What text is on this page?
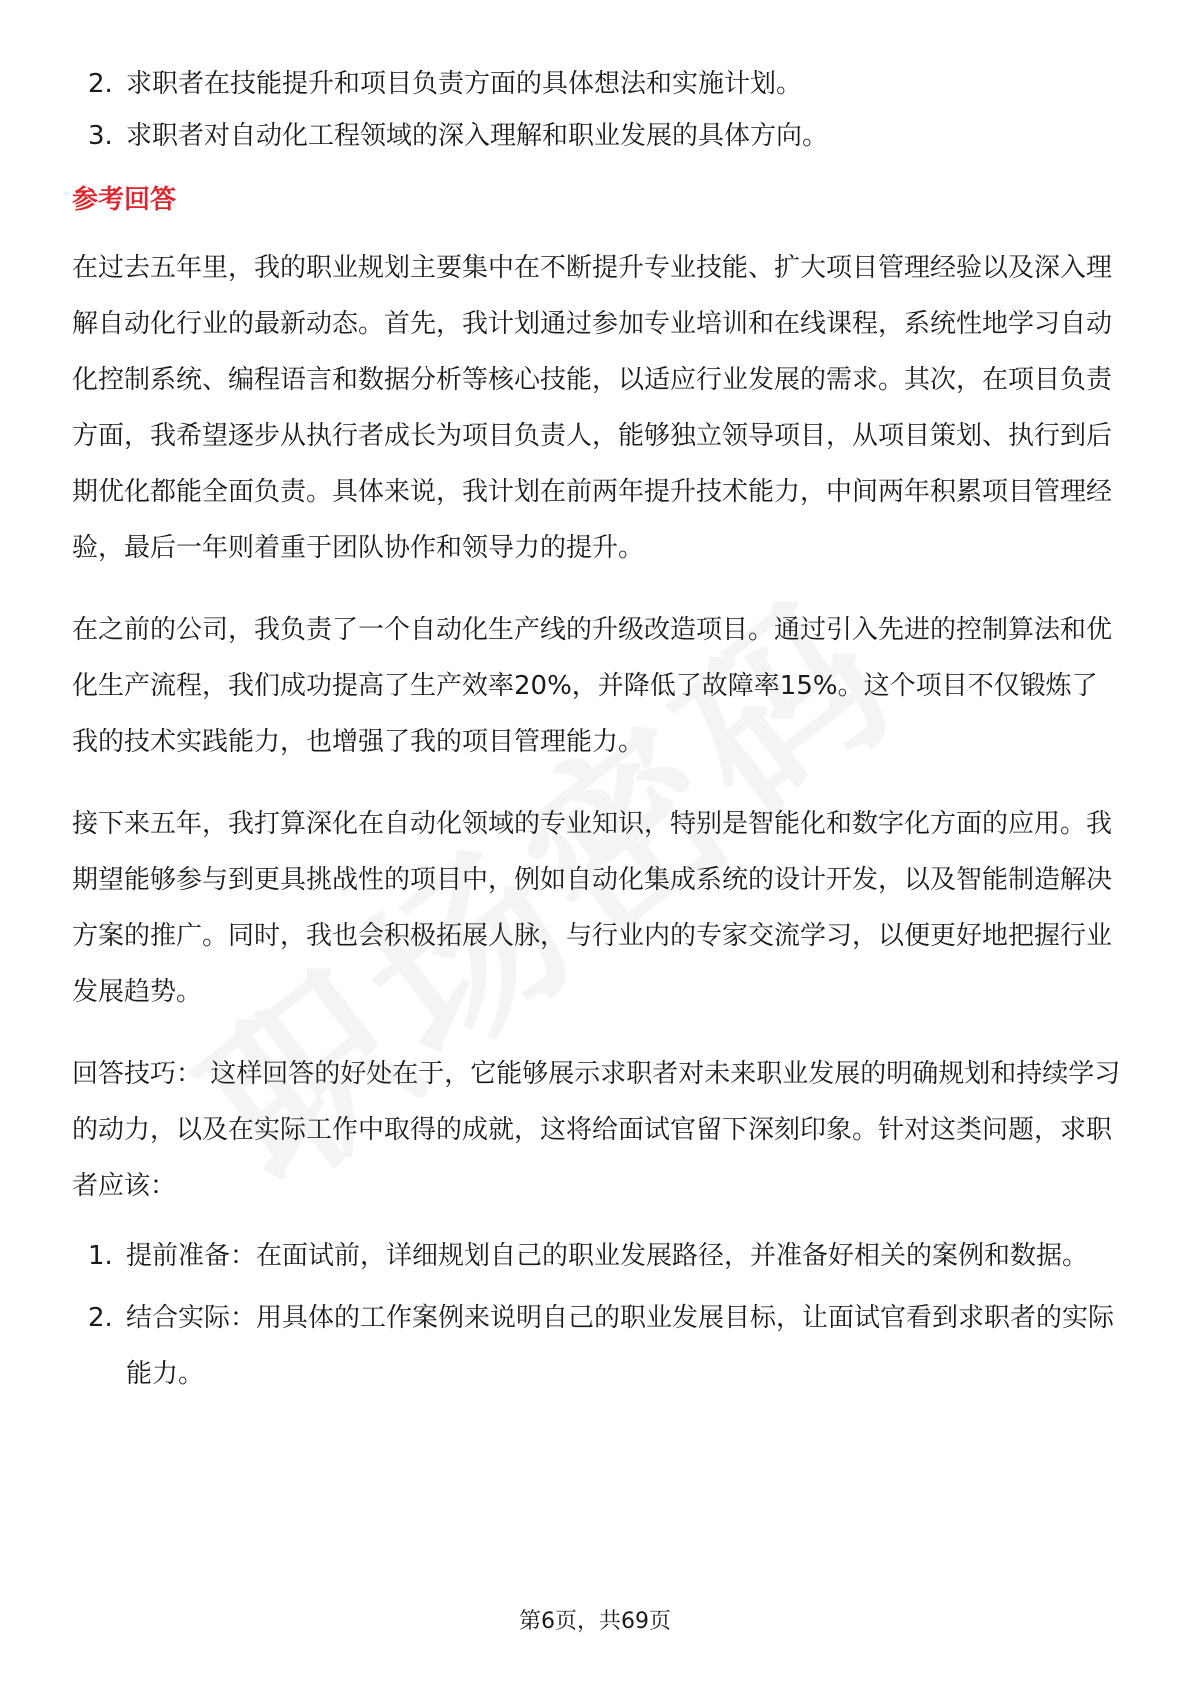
2. 求职者在技能提升和项目负责方面的具体想法和实施计划。
3. 求职者对自动化工程领域的深入理解和职业发展的具体方向。
参考回答

在过去五年里，我的职业规划主要集中在不断提升专业技能、扩大项目管理经验以及深入理解自动化行业的最新动态。首先，我计划通过参加专业培训和在线课程，系统性地学习自动化控制系统、编程语言和数据分析等核心技能，以适应行业发展的需求。其次，在项目负责方面，我希望逐步从执行者成长为项目负责人，能够独立领导项目，从项目策划、执行到后期优化都能全面负责。具体来说，我计划在前两年提升技术能力，中间两年积累项目管理经验，最后一年则着重于团队协作和领导力的提升。

在之前的公司，我负责了一个自动化生产线的升级改造项目。通过引入先进的控制算法和优化生产流程，我们成功提高了生产效率20%，并降低了故障率15%。这个项目不仅锻炼了我的技术实践能力，也增强了我的项目管理能力。

接下来五年，我打算深化在自动化领域的专业知识，特别是智能化和数字化方面的应用。我期望能够参与到更具挑战性的项目中，例如自动化集成系统的设计开发，以及智能制造解决方案的推广。同时，我也会积极拓展人脉，与行业内的专家交流学习，以便更好地把握行业发展趋势。

回答技巧： 这样回答的好处在于，它能够展示求职者对未来职业发展的明确规划和持续学习的动力，以及在实际工作中取得的成就，这将给面试官留下深刻印象。针对这类问题，求职者应该：

1. 提前准备：在面试前，详细规划自己的职业发展路径，并准备好相关的案例和数据。
2. 结合实际：用具体的工作案例来说明自己的职业发展目标，让面试官看到求职者的实际能力。
第6页，共69页
